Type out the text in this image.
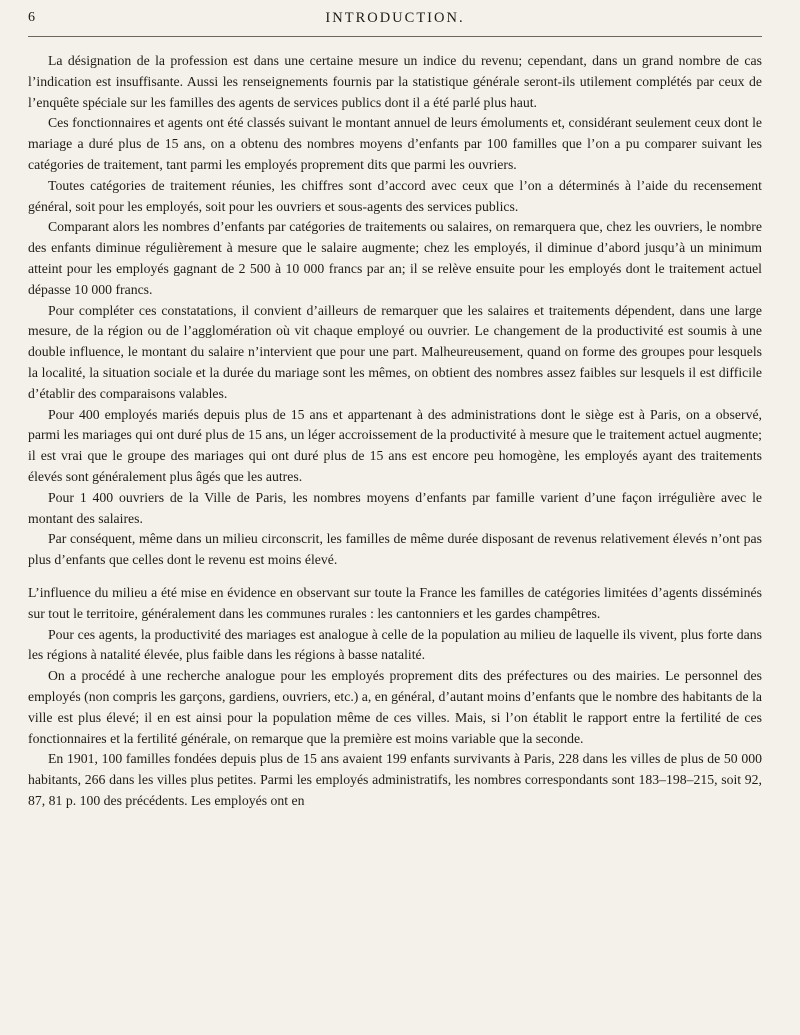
6	INTRODUCTION.

La désignation de la profession est dans une certaine mesure un indice du revenu; cependant, dans un grand nombre de cas l’indication est insuffisante. Aussi les renseignements fournis par la statistique générale seront-ils utilement complétés par ceux de l’enquête spéciale sur les familles des agents de services publics dont il a été parlé plus haut.

Ces fonctionnaires et agents ont été classés suivant le montant annuel de leurs émoluments et, considérant seulement ceux dont le mariage a duré plus de 15 ans, on a obtenu des nombres moyens d’enfants par 100 familles que l’on a pu comparer suivant les catégories de traitement, tant parmi les employés proprement dits que parmi les ouvriers.

Toutes catégories de traitement réunies, les chiffres sont d’accord avec ceux que l’on a déterminés à l’aide du recensement général, soit pour les employés, soit pour les ouvriers et sous-agents des services publics.

Comparant alors les nombres d’enfants par catégories de traitements ou salaires, on remarquera que, chez les ouvriers, le nombre des enfants diminue régulièrement à mesure que le salaire augmente; chez les employés, il diminue d’abord jusqu’à un minimum atteint pour les employés gagnant de 2 500 à 10 000 francs par an; il se relève ensuite pour les employés dont le traitement actuel dépasse 10 000 francs.

Pour compléter ces constatations, il convient d’ailleurs de remarquer que les salaires et traitements dépendent, dans une large mesure, de la région ou de l’agglomération où vit chaque employé ou ouvrier. Le changement de la productivité est soumis à une double influence, le montant du salaire n’intervient que pour une part. Malheureusement, quand on forme des groupes pour lesquels la localité, la situation sociale et la durée du mariage sont les mêmes, on obtient des nombres assez faibles sur lesquels il est difficile d’établir des comparaisons valables.

Pour 400 employés mariés depuis plus de 15 ans et appartenant à des administrations dont le siège est à Paris, on a observé, parmi les mariages qui ont duré plus de 15 ans, un léger accroissement de la productivité à mesure que le traitement actuel augmente; il est vrai que le groupe des mariages qui ont duré plus de 15 ans est encore peu homogène, les employés ayant des traitements élevés sont généralement plus âgés que les autres.

Pour 1 400 ouvriers de la Ville de Paris, les nombres moyens d’enfants par famille varient d’une façon irrégulière avec le montant des salaires.

Par conséquent, même dans un milieu circonscrit, les familles de même durée disposant de revenus relativement élevés n’ont pas plus d’enfants que celles dont le revenu est moins élevé.

L’influence du milieu a été mise en évidence en observant sur toute la France les familles de catégories limitées d’agents disséminés sur tout le territoire, généralement dans les communes rurales : les cantonniers et les gardes champêtres.

Pour ces agents, la productivité des mariages est analogue à celle de la population au milieu de laquelle ils vivent, plus forte dans les régions à natalité élevée, plus faible dans les régions à basse natalité.

On a procédé à une recherche analogue pour les employés proprement dits des préfectures ou des mairies. Le personnel des employés (non compris les garçons, gardiens, ouvriers, etc.) a, en général, d’autant moins d’enfants que le nombre des habitants de la ville est plus élevé; il en est ainsi pour la population même de ces villes. Mais, si l’on établit le rapport entre la fertilité de ces fonctionnaires et la fertilité générale, on remarque que la première est moins variable que la seconde.

En 1901, 100 familles fondées depuis plus de 15 ans avaient 199 enfants survivants à Paris, 228 dans les villes de plus de 50 000 habitants, 266 dans les villes plus petites. Parmi les employés administratifs, les nombres correspondants sont 183–198–215, soit 92, 87, 81 p. 100 des précédents. Les employés ont en
